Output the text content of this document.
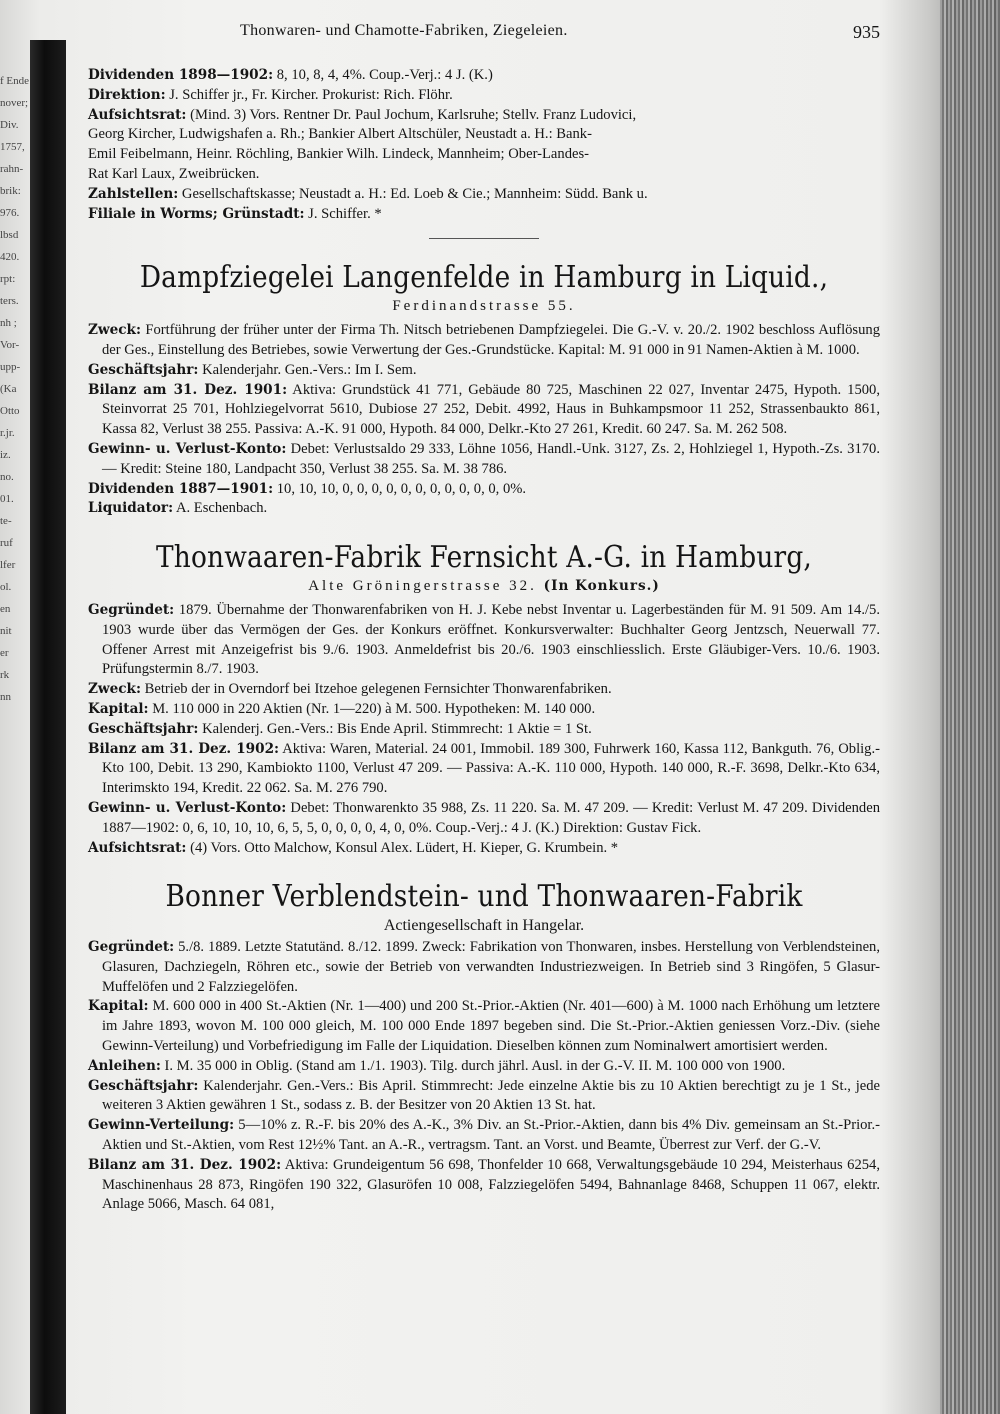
f Ende
nover;
Div.
1757,
rahn-
brik:
976.
lbsd
420.
rpt:
ters.
nh ;
Vor-
upp-
(Ka
Otto
r.jr.
iz.
no.
01.
te-
ruf
lfer
ol.
en
nit
er
rk
nn
Thonwaren- und Chamotte-Fabriken, Ziegeleien.	935

Dividenden 1898—1902: 8, 10, 8, 4, 4%. Coup.-Verj.: 4 J. (K.)

Direktion: J. Schiffer jr., Fr. Kircher. Prokurist: Rich. Flöhr.

Aufsichtsrat: (Mind. 3) Vors. Rentner Dr. Paul Jochum, Karlsruhe; Stellv. Franz Ludovici,

Georg Kircher, Ludwigshafen a. Rh.; Bankier Albert Altschüler, Neustadt a. H.: Bank-

Emil Feibelmann, Heinr. Röchling, Bankier Wilh. Lindeck, Mannheim; Ober-Landes-

Rat Karl Laux, Zweibrücken.

Zahlstellen: Gesellschaftskasse; Neustadt a. H.: Ed. Loeb & Cie.; Mannheim: Südd. Bank u.

Filiale in Worms; Grünstadt: J. Schiffer. *

Dampfziegelei Langenfelde in Hamburg in Liquid.,
Ferdinandstrasse 55.

Zweck: Fortführung der früher unter der Firma Th. Nitsch betriebenen Dampfziegelei. Die G.-V. v. 20./2. 1902 beschloss Auflösung der Ges., Einstellung des Betriebes, sowie Verwertung der Ges.-Grundstücke. Kapital: M. 91 000 in 91 Namen-Aktien à M. 1000.

Geschäftsjahr: Kalenderjahr. Gen.-Vers.: Im I. Sem.

Bilanz am 31. Dez. 1901: Aktiva: Grundstück 41 771, Gebäude 80 725, Maschinen 22 027, Inventar 2475, Hypoth. 1500, Steinvorrat 25 701, Hohlziegelvorrat 5610, Dubiose 27 252, Debit. 4992, Haus in Buhkampsmoor 11 252, Strassenbaukto 861, Kassa 82, Verlust 38 255. Passiva: A.-K. 91 000, Hypoth. 84 000, Delkr.-Kto 27 261, Kredit. 60 247. Sa. M. 262 508.

Gewinn- u. Verlust-Konto: Debet: Verlustsaldo 29 333, Löhne 1056, Handl.-Unk. 3127, Zs. 2, Hohlziegel 1, Hypoth.-Zs. 3170. — Kredit: Steine 180, Landpacht 350, Verlust 38 255. Sa. M. 38 786.

Dividenden 1887—1901: 10, 10, 10, 0, 0, 0, 0, 0, 0, 0, 0, 0, 0, 0, 0%.

Liquidator: A. Eschenbach.

Thonwaaren-Fabrik Fernsicht A.-G. in Hamburg,
Alte Gröningerstrasse 32. (In Konkurs.)

Gegründet: 1879. Übernahme der Thonwarenfabriken von H. J. Kebe nebst Inventar u. Lagerbeständen für M. 91 509. Am 14./5. 1903 wurde über das Vermögen der Ges. der Konkurs eröffnet. Konkursverwalter: Buchhalter Georg Jentzsch, Neuerwall 77. Offener Arrest mit Anzeigefrist bis 9./6. 1903. Anmeldefrist bis 20./6. 1903 einschliesslich. Erste Gläubiger-Vers. 10./6. 1903. Prüfungstermin 8./7. 1903.

Zweck: Betrieb der in Overndorf bei Itzehoe gelegenen Fernsichter Thonwarenfabriken.

Kapital: M. 110 000 in 220 Aktien (Nr. 1—220) à M. 500. Hypotheken: M. 140 000.

Geschäftsjahr: Kalenderj. Gen.-Vers.: Bis Ende April. Stimmrecht: 1 Aktie = 1 St.

Bilanz am 31. Dez. 1902: Aktiva: Waren, Material. 24 001, Immobil. 189 300, Fuhrwerk 160, Kassa 112, Bankguth. 76, Oblig.-Kto 100, Debit. 13 290, Kambiokto 1100, Verlust 47 209. — Passiva: A.-K. 110 000, Hypoth. 140 000, R.-F. 3698, Delkr.-Kto 634, Interimskto 194, Kredit. 22 062. Sa. M. 276 790.

Gewinn- u. Verlust-Konto: Debet: Thonwarenkto 35 988, Zs. 11 220. Sa. M. 47 209. — Kredit: Verlust M. 47 209. Dividenden 1887—1902: 0, 6, 10, 10, 10, 6, 5, 5, 0, 0, 0, 0, 4, 0, 0%. Coup.-Verj.: 4 J. (K.) Direktion: Gustav Fick.

Aufsichtsrat: (4) Vors. Otto Malchow, Konsul Alex. Lüdert, H. Kieper, G. Krumbein. *

Bonner Verblendstein- und Thonwaaren-Fabrik
Actiengesellschaft in Hangelar.

Gegründet: 5./8. 1889. Letzte Statutänd. 8./12. 1899. Zweck: Fabrikation von Thonwaren, insbes. Herstellung von Verblendsteinen, Glasuren, Dachziegeln, Röhren etc., sowie der Betrieb von verwandten Industriezweigen. In Betrieb sind 3 Ringöfen, 5 Glasur-Muffelöfen und 2 Falzziegelöfen.

Kapital: M. 600 000 in 400 St.-Aktien (Nr. 1—400) und 200 St.-Prior.-Aktien (Nr. 401—600) à M. 1000 nach Erhöhung um letztere im Jahre 1893, wovon M. 100 000 gleich, M. 100 000 Ende 1897 begeben sind. Die St.-Prior.-Aktien geniessen Vorz.-Div. (siehe Gewinn-Verteilung) und Vorbefriedigung im Falle der Liquidation. Dieselben können zum Nominalwert amortisiert werden.

Anleihen: I. M. 35 000 in Oblig. (Stand am 1./1. 1903). Tilg. durch jährl. Ausl. in der G.-V. II. M. 100 000 von 1900.

Geschäftsjahr: Kalenderjahr. Gen.-Vers.: Bis April. Stimmrecht: Jede einzelne Aktie bis zu 10 Aktien berechtigt zu je 1 St., jede weiteren 3 Aktien gewähren 1 St., sodass z. B. der Besitzer von 20 Aktien 13 St. hat.

Gewinn-Verteilung: 5—10% z. R.-F. bis 20% des A.-K., 3% Div. an St.-Prior.-Aktien, dann bis 4% Div. gemeinsam an St.-Prior.-Aktien und St.-Aktien, vom Rest 12½% Tant. an A.-R., vertragsm. Tant. an Vorst. und Beamte, Überrest zur Verf. der G.-V.

Bilanz am 31. Dez. 1902: Aktiva: Grundeigentum 56 698, Thonfelder 10 668, Verwaltungsgebäude 10 294, Meisterhaus 6254, Maschinenhaus 28 873, Ringöfen 190 322, Glasuröfen 10 008, Falzziegelöfen 5494, Bahnanlage 8468, Schuppen 11 067, elektr. Anlage 5066, Masch. 64 081,
